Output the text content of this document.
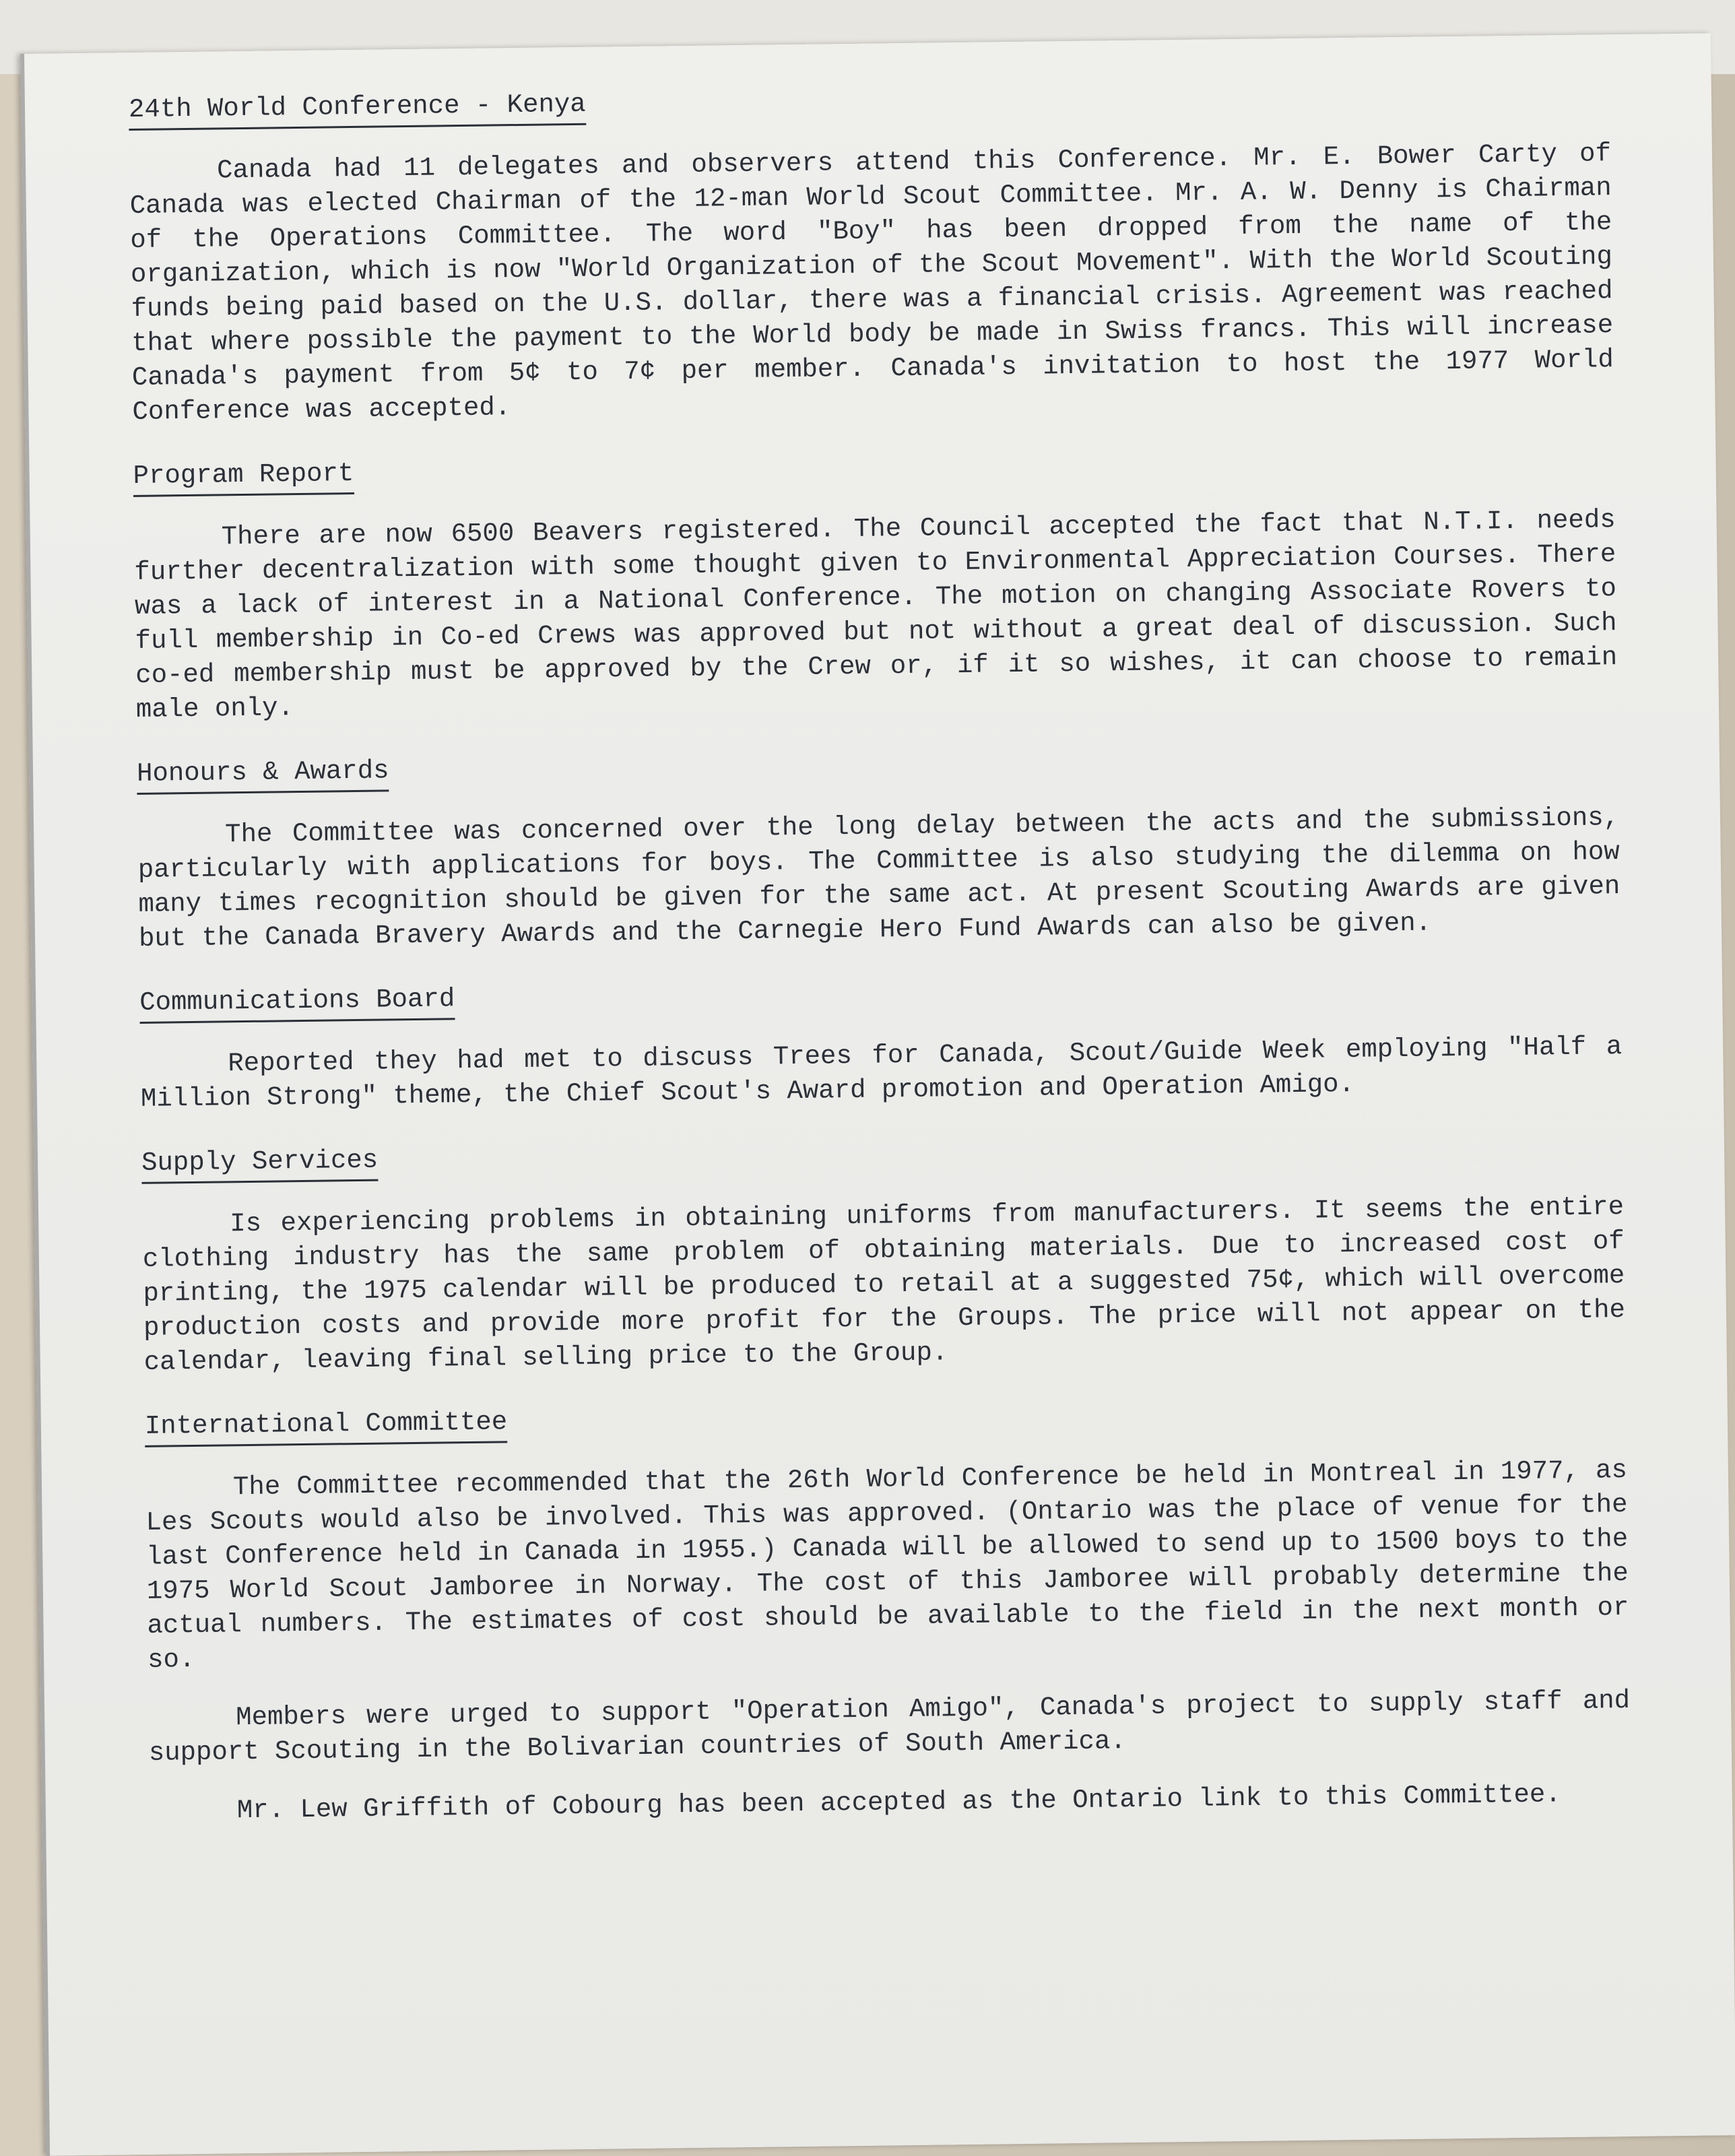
24th World Conference - Kenya

Canada had 11 delegates and observers attend this Conference. Mr. E. Bower Carty of Canada was elected Chairman of the 12-man World Scout Committee. Mr. A. W. Denny is Chairman of the Operations Committee. The word "Boy" has been dropped from the name of the organization, which is now "World Organization of the Scout Movement". With the World Scouting funds being paid based on the U.S. dollar, there was a financial crisis. Agreement was reached that where possible the payment to the World body be made in Swiss francs. This will increase Canada's payment from 5¢ to 7¢ per member. Canada's invitation to host the 1977 World Conference was accepted.

Program Report

There are now 6500 Beavers registered. The Council accepted the fact that N.T.I. needs further decentralization with some thought given to Environmental Appreciation Courses. There was a lack of interest in a National Conference. The motion on changing Associate Rovers to full membership in Co-ed Crews was approved but not without a great deal of discussion. Such co-ed membership must be approved by the Crew or, if it so wishes, it can choose to remain male only.

Honours & Awards

The Committee was concerned over the long delay between the acts and the submissions, particularly with applications for boys. The Committee is also studying the dilemma on how many times recognition should be given for the same act. At present Scouting Awards are given but the Canada Bravery Awards and the Carnegie Hero Fund Awards can also be given.

Communications Board

Reported they had met to discuss Trees for Canada, Scout/Guide Week employing "Half a Million Strong" theme, the Chief Scout's Award promotion and Operation Amigo.

Supply Services

Is experiencing problems in obtaining uniforms from manufacturers. It seems the entire clothing industry has the same problem of obtaining materials. Due to increased cost of printing, the 1975 calendar will be produced to retail at a suggested 75¢, which will overcome production costs and provide more profit for the Groups. The price will not appear on the calendar, leaving final selling price to the Group.

International Committee

The Committee recommended that the 26th World Conference be held in Montreal in 1977, as Les Scouts would also be involved. This was approved. (Ontario was the place of venue for the last Conference held in Canada in 1955.) Canada will be allowed to send up to 1500 boys to the 1975 World Scout Jamboree in Norway. The cost of this Jamboree will probably determine the actual numbers. The estimates of cost should be available to the field in the next month or so.

Members were urged to support "Operation Amigo", Canada's project to supply staff and support Scouting in the Bolivarian countries of South America.

Mr. Lew Griffith of Cobourg has been accepted as the Ontario link to this Committee.
